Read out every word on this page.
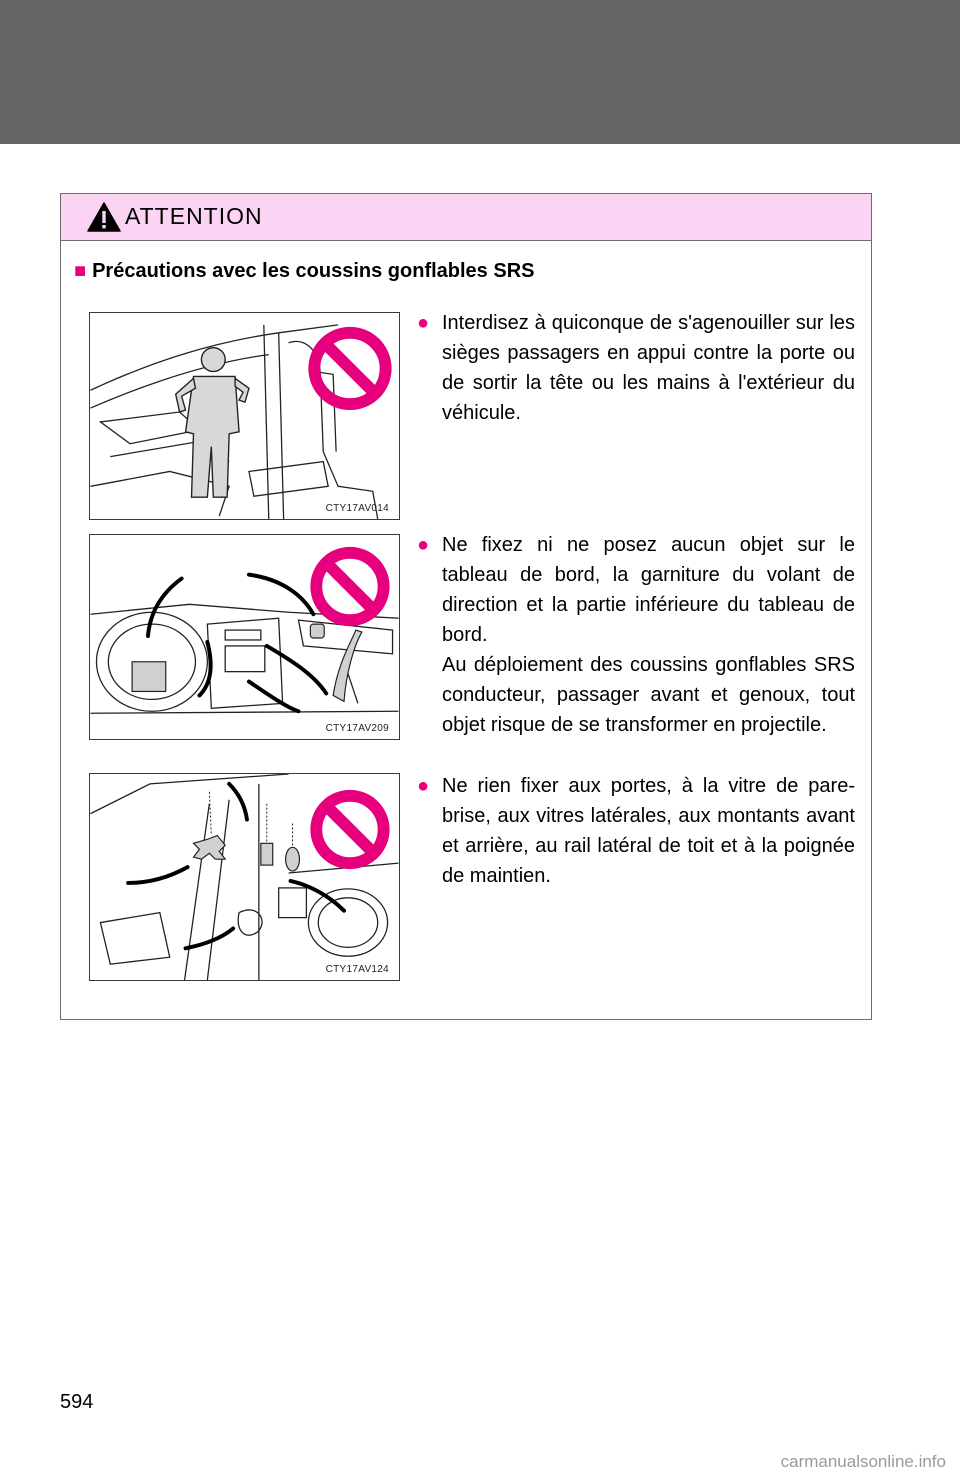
ATTENTION
■ Précautions avec les coussins gonflables SRS
CTY17AV014
CTY17AV209
CTY17AV124
● Interdisez à quiconque de s'agenouiller sur les sièges passagers en appui contre la porte ou de sortir la tête ou les mains à l'extérieur du véhicule.
● Ne fixez ni ne posez aucun objet sur le tableau de bord, la garniture du volant de direction et la partie inférieure du tableau de bord.
Au déploiement des coussins gonflables SRS conducteur, passager avant et genoux, tout objet risque de se transformer en projectile.
● Ne rien fixer aux portes, à la vitre de pare-brise, aux vitres latérales, aux montants avant et arrière, au rail latéral de toit et à la poignée de maintien.
594
carmanualsonline.info
